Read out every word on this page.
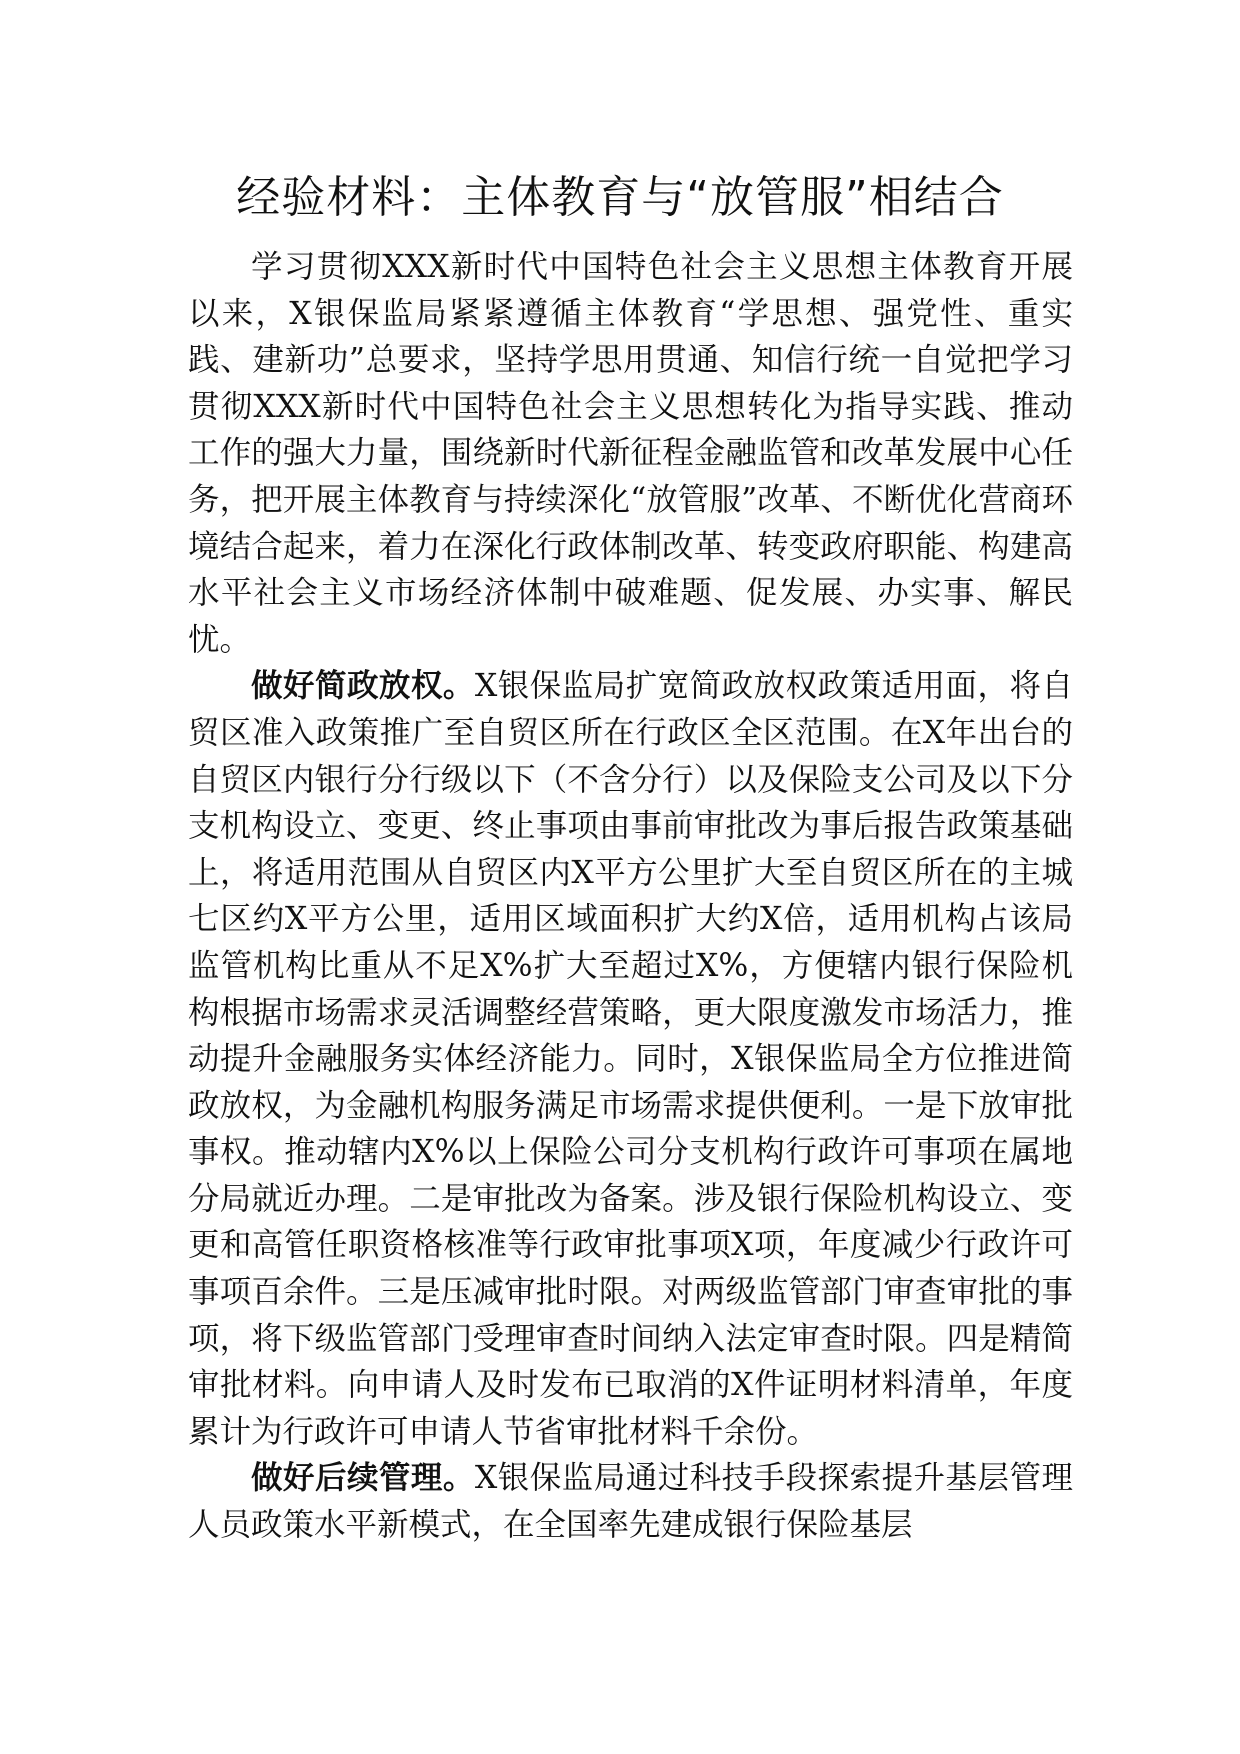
经验材料：主体教育与“放管服”相结合

学习贯彻XXX新时代中国特色社会主义思想主体教育开展以来，X银保监局紧紧遵循主体教育“学思想、强党性、重实践、建新功”总要求，坚持学思用贯通、知信行统一自觉把学习贯彻XXX新时代中国特色社会主义思想转化为指导实践、推动工作的强大力量，围绕新时代新征程金融监管和改革发展中心任务，把开展主体教育与持续深化“放管服”改革、不断优化营商环境结合起来，着力在深化行政体制改革、转变政府职能、构建高水平社会主义市场经济体制中破难题、促发展、办实事、解民忧。

做好简政放权。X银保监局扩宽简政放权政策适用面，将自贸区准入政策推广至自贸区所在行政区全区范围。在X年出台的自贸区内银行分行级以下（不含分行）以及保险支公司及以下分支机构设立、变更、终止事项由事前审批改为事后报告政策基础上，将适用范围从自贸区内X平方公里扩大至自贸区所在的主城七区约X平方公里，适用区域面积扩大约X倍，适用机构占该局监管机构比重从不足X%扩大至超过X%，方便辖内银行保险机构根据市场需求灵活调整经营策略，更大限度激发市场活力，推动提升金融服务实体经济能力。同时，X银保监局全方位推进简政放权，为金融机构服务满足市场需求提供便利。一是下放审批事权。推动辖内X%以上保险公司分支机构行政许可事项在属地分局就近办理。二是审批改为备案。涉及银行保险机构设立、变更和高管任职资格核准等行政审批事项X项，年度减少行政许可事项百余件。三是压减审批时限。对两级监管部门审查审批的事项，将下级监管部门受理审查时间纳入法定审查时限。四是精简审批材料。向申请人及时发布已取消的X件证明材料清单，年度累计为行政许可申请人节省审批材料千余份。

做好后续管理。X银保监局通过科技手段探索提升基层管理人员政策水平新模式，在全国率先建成银行保险基层
